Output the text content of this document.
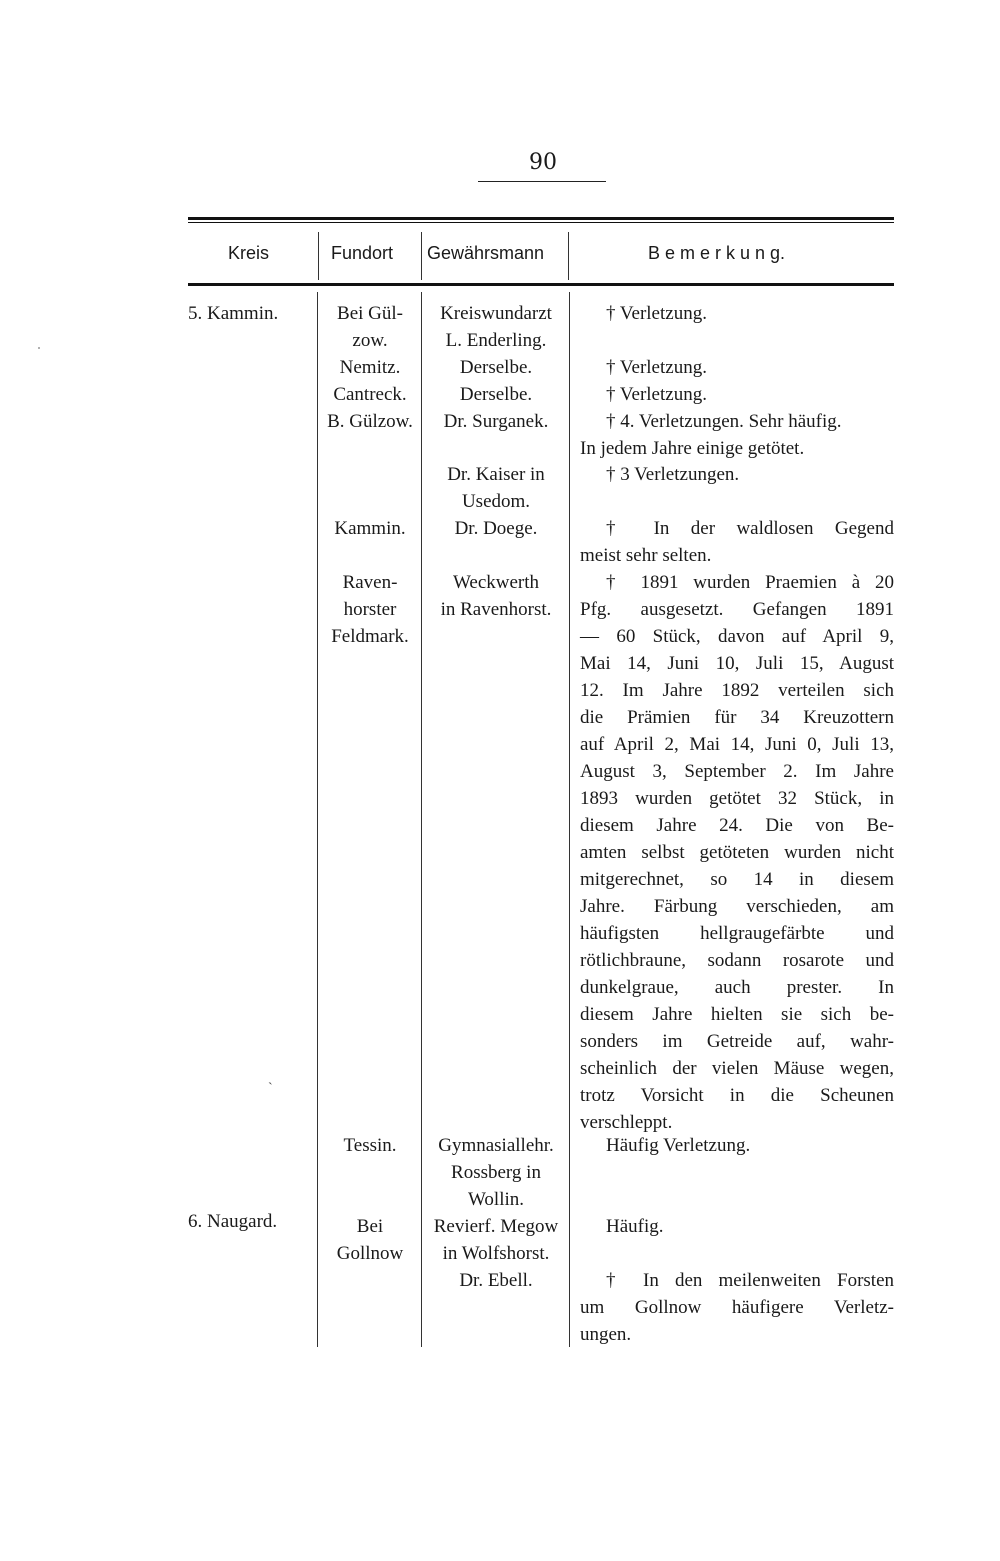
90
Kreis	Fundort Gewährsmann	B e m e r k u n g.
5. Kammin.
6. Naugard.
Bei Gül-
zow.
Nemitz.
Cantreck.
B. Gülzow.
Kammin.
Raven-
horster
Feldmark.
Tessin.
Bei
Gollnow
Kreiswundarzt
L. Enderling.
Derselbe.
Derselbe.
Dr. Surganek.
Dr. Kaiser in
Usedom.
Dr. Doege.
Weckwerth
in Ravenhorst.
Gymnasiallehr.
Rossberg in
Wollin.
Revierf. Megow
in Wolfshorst.
Dr. Ebell.
† Verletzung.
† Verletzung.
† Verletzung.
† 4. Verletzungen. Sehr häufig.
In jedem Jahre einige getötet.
† 3 Verletzungen.
† In der waldlosen Gegend
meist sehr selten.
† 1891 wurden Praemien à 20
Pfg. ausgesetzt. Gefangen 1891
— 60 Stück, davon auf April 9,
Mai 14, Juni 10, Juli 15, August
12. Im Jahre 1892 verteilen sich
die Prämien für 34 Kreuzottern
auf April 2, Mai 14, Juni 0, Juli 13,
August 3, September 2. Im Jahre
1893 wurden getötet 32 Stück, in
diesem Jahre 24. Die von Be-
amten selbst getöteten wurden nicht
mitgerechnet, so 14 in diesem
Jahre. Färbung verschieden, am
häufigsten hellgraugefärbte und
rötlichbraune, sodann rosarote und
dunkelgraue, auch prester. In
diesem Jahre hielten sie sich be-
sonders im Getreide auf, wahr-
scheinlich der vielen Mäuse wegen,
trotz Vorsicht in die Scheunen
verschleppt.
Häufig Verletzung.
Häufig.
† In den meilenweiten Forsten
um Gollnow häufigere Verletz-
ungen.
`
